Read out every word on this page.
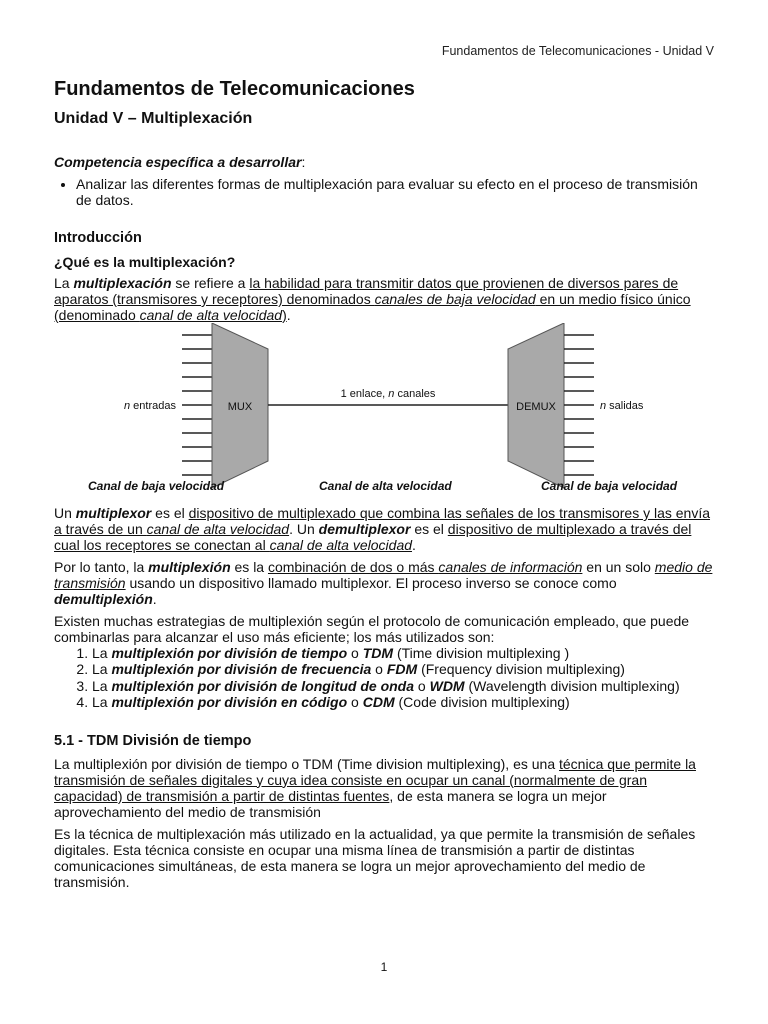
Fundamentos de Telecomunicaciones - Unidad V
Fundamentos de Telecomunicaciones
Unidad V – Multiplexación

Competencia específica a desarrollar:

• Analizar las diferentes formas de multiplexación para evaluar su efecto en el proceso de transmisión de datos.
Introducción

¿Qué es la multiplexación?

La multiplexación se refiere a la habilidad para transmitir datos que provienen de diversos pares de aparatos (transmisores y receptores) denominados canales de baja velocidad en un medio físico único (denominado canal de alta velocidad).

MUX
1 enlace, n canales
DEMUX
n entradas	n salidas
Canal de baja velocidad	Canal de alta velocidad	Canal de baja velocidad

Un multiplexor es el dispositivo de multiplexado que combina las señales de los transmisores y las envía a través de un canal de alta velocidad. Un demultiplexor es el dispositivo de multiplexado a través del cual los receptores se conectan al canal de alta velocidad.

Por lo tanto, la multiplexión es la combinación de dos o más canales de información en un solo medio de transmisión usando un dispositivo llamado multiplexor. El proceso inverso se conoce como demultiplexión.

Existen muchas estrategias de multiplexión según el protocolo de comunicación empleado, que puede combinarlas para alcanzar el uso más eficiente; los más utilizados son:

1. La multiplexión por división de tiempo o TDM (Time division multiplexing )
2. La multiplexión por división de frecuencia o FDM (Frequency division multiplexing)
3. La multiplexión por división de longitud de onda o WDM (Wavelength division multiplexing)
4. La multiplexión por división en código o CDM (Code division multiplexing)
5.1 - TDM División de tiempo

La multiplexión por división de tiempo o TDM (Time division multiplexing), es una técnica que permite la transmisión de señales digitales y cuya idea consiste en ocupar un canal (normalmente de gran capacidad) de transmisión a partir de distintas fuentes, de esta manera se logra un mejor aprovechamiento del medio de transmisión

Es la técnica de multiplexación más utilizado en la actualidad, ya que permite la transmisión de señales digitales. Esta técnica consiste en ocupar una misma línea de transmisión a partir de distintas comunicaciones simultáneas, de esta manera se logra un mejor aprovechamiento del medio de transmisión.

1
